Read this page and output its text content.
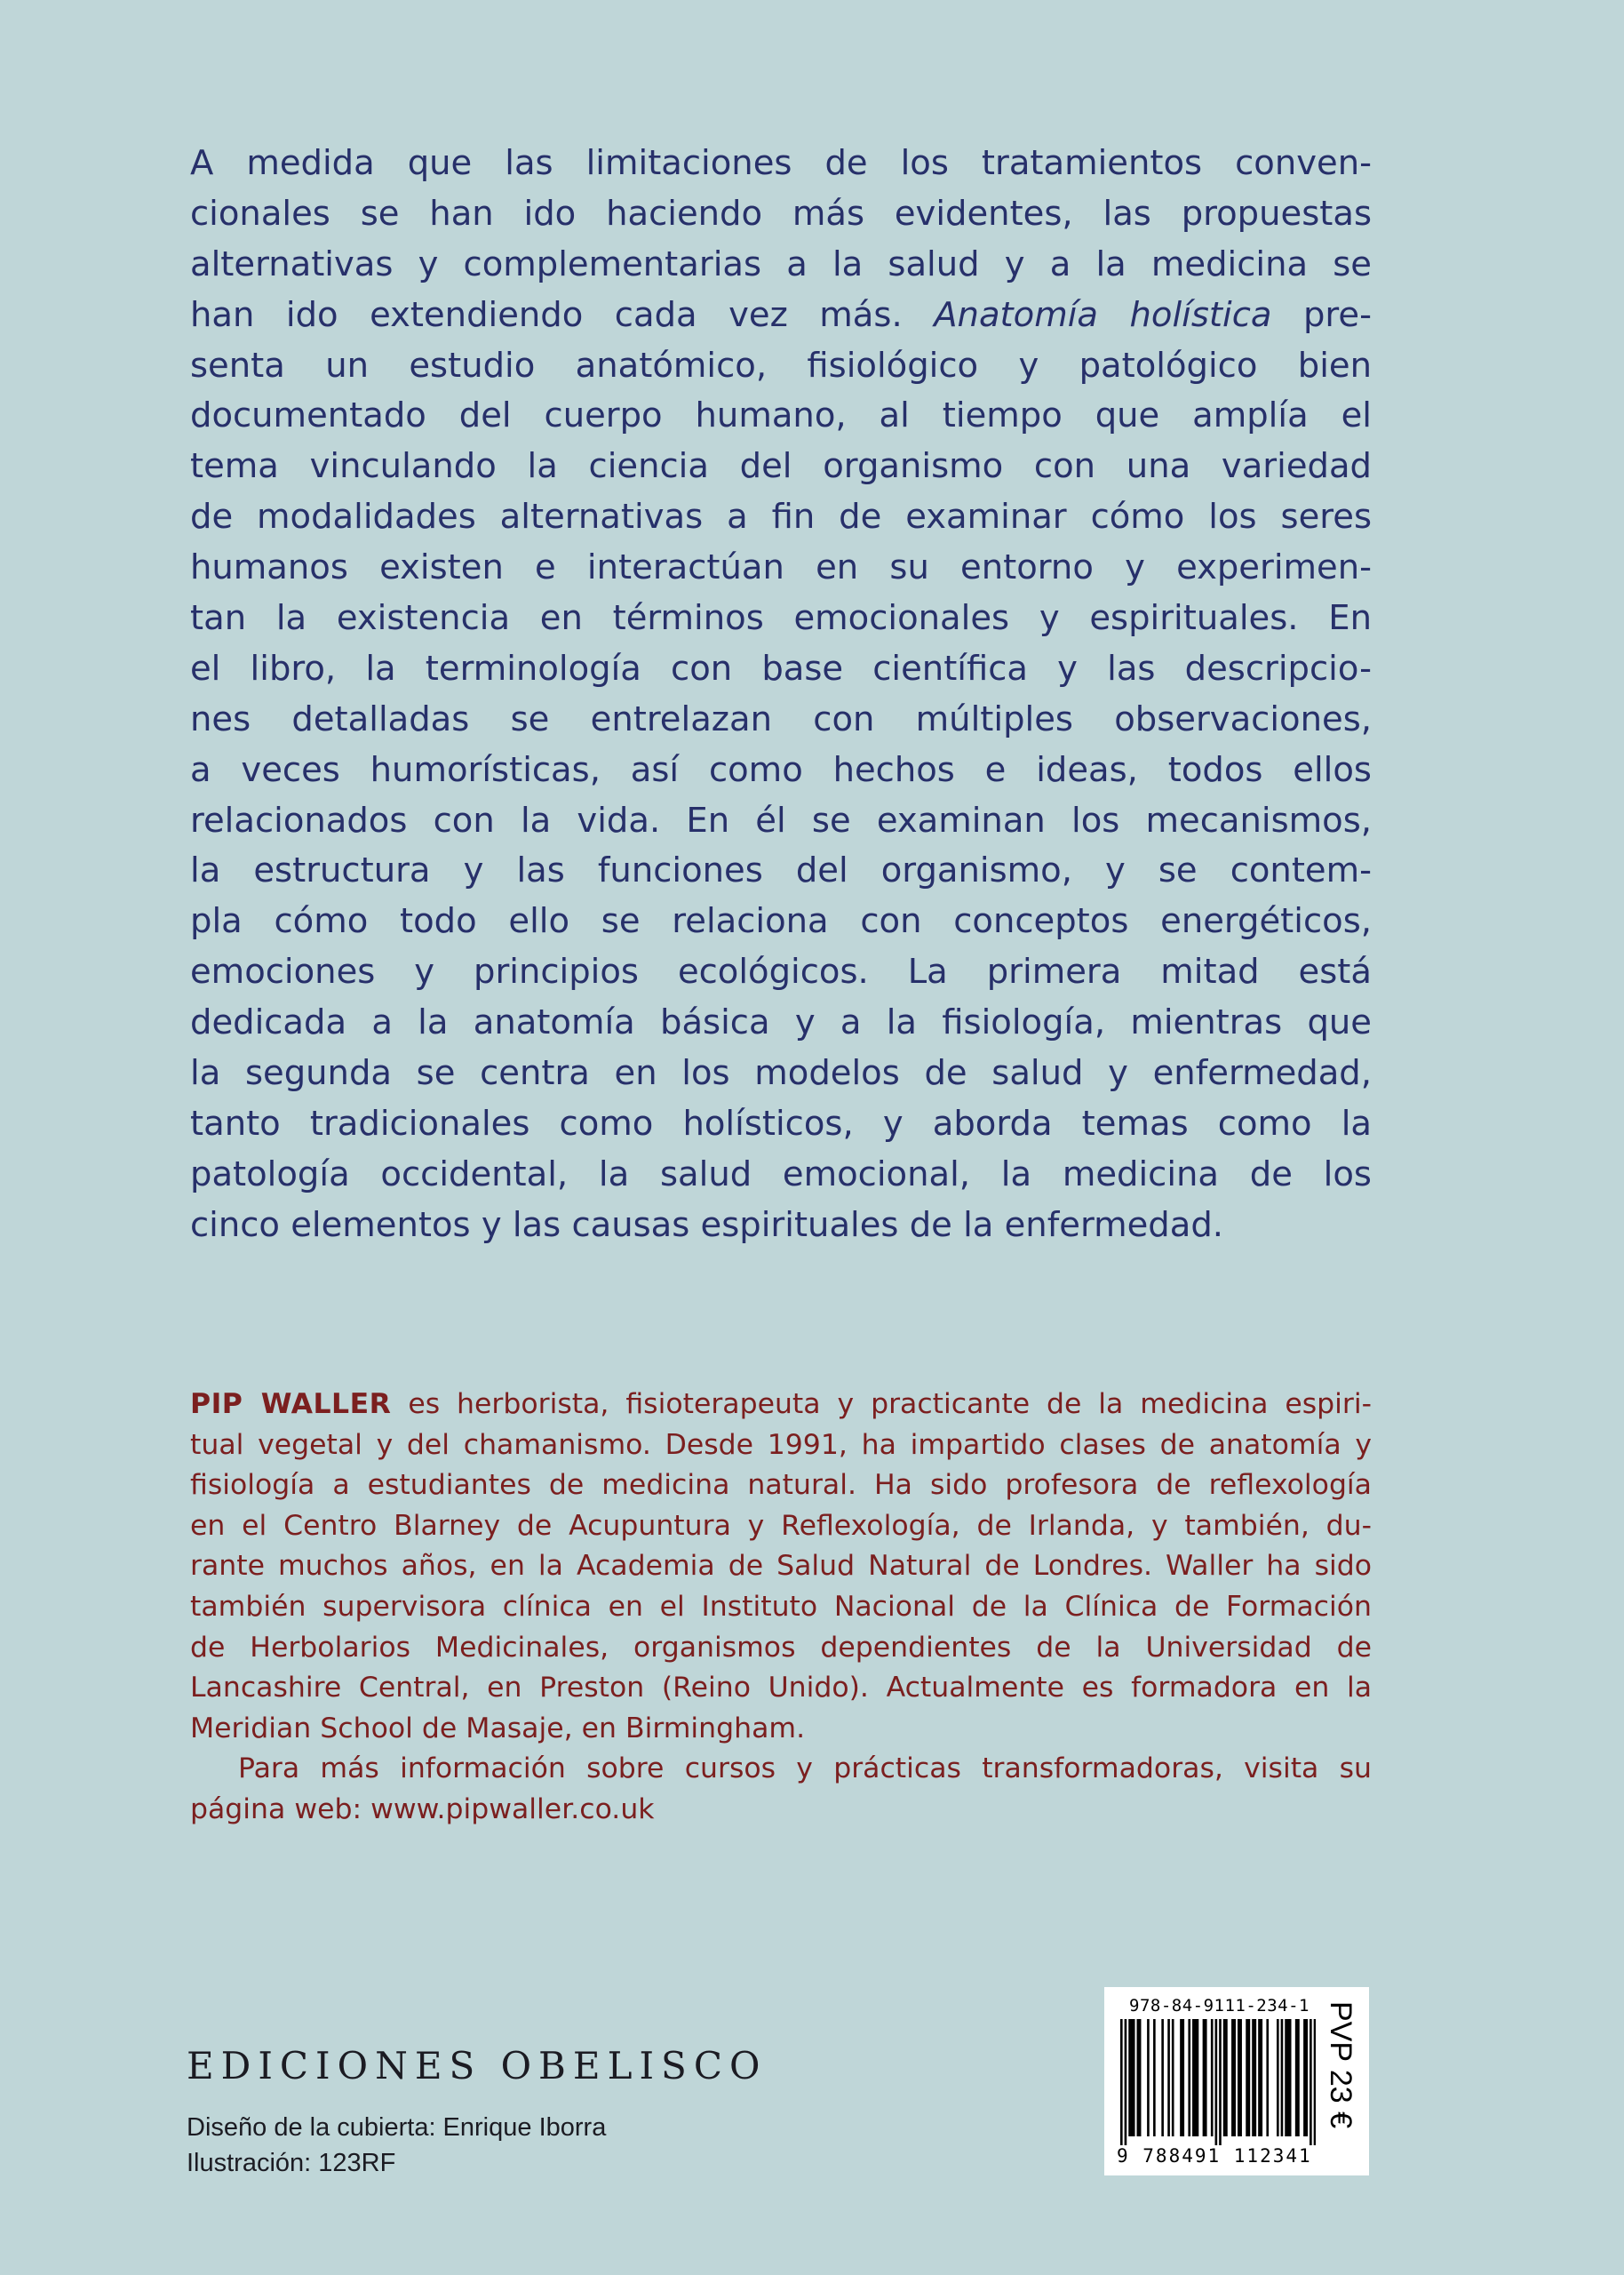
A medida que las limitaciones de los tratamientos conven-
cionales se han ido haciendo más evidentes, las propuestas
alternativas y complementarias a la salud y a la medicina se
han ido extendiendo cada vez más. Anatomía holística pre-
senta un estudio anatómico, fisiológico y patológico bien
documentado del cuerpo humano, al tiempo que amplía el
tema vinculando la ciencia del organismo con una variedad
de modalidades alternativas a fin de examinar cómo los seres
humanos existen e interactúan en su entorno y experimen-
tan la existencia en términos emocionales y espirituales. En
el libro, la terminología con base científica y las descripcio-
nes detalladas se entrelazan con múltiples observaciones,
a veces humorísticas, así como hechos e ideas, todos ellos
relacionados con la vida. En él se examinan los mecanismos,
la estructura y las funciones del organismo, y se contem-
pla cómo todo ello se relaciona con conceptos energéticos,
emociones y principios ecológicos. La primera mitad está
dedicada a la anatomía básica y a la fisiología, mientras que
la segunda se centra en los modelos de salud y enfermedad,
tanto tradicionales como holísticos, y aborda temas como la
patología occidental, la salud emocional, la medicina de los
cinco elementos y las causas espirituales de la enfermedad.
PIP WALLER es herborista, fisioterapeuta y practicante de la medicina espiri-
tual vegetal y del chamanismo. Desde 1991, ha impartido clases de anatomía y
fisiología a estudiantes de medicina natural. Ha sido profesora de reflexología
en el Centro Blarney de Acupuntura y Reflexología, de Irlanda, y también, du-
rante muchos años, en la Academia de Salud Natural de Londres. Waller ha sido
también supervisora clínica en el Instituto Nacional de la Clínica de Formación
de Herbolarios Medicinales, organismos dependientes de la Universidad de
Lancashire Central, en Preston (Reino Unido). Actualmente es formadora en la
Meridian School de Masaje, en Birmingham.
Para más información sobre cursos y prácticas transformadoras, visita su
página web: www.pipwaller.co.uk
EDICIONES OBELISCO
Diseño de la cubierta: Enrique Iborra
Ilustración: 123RF
978-84-9111-234-1
9 788491 112341
PVP 23 €
